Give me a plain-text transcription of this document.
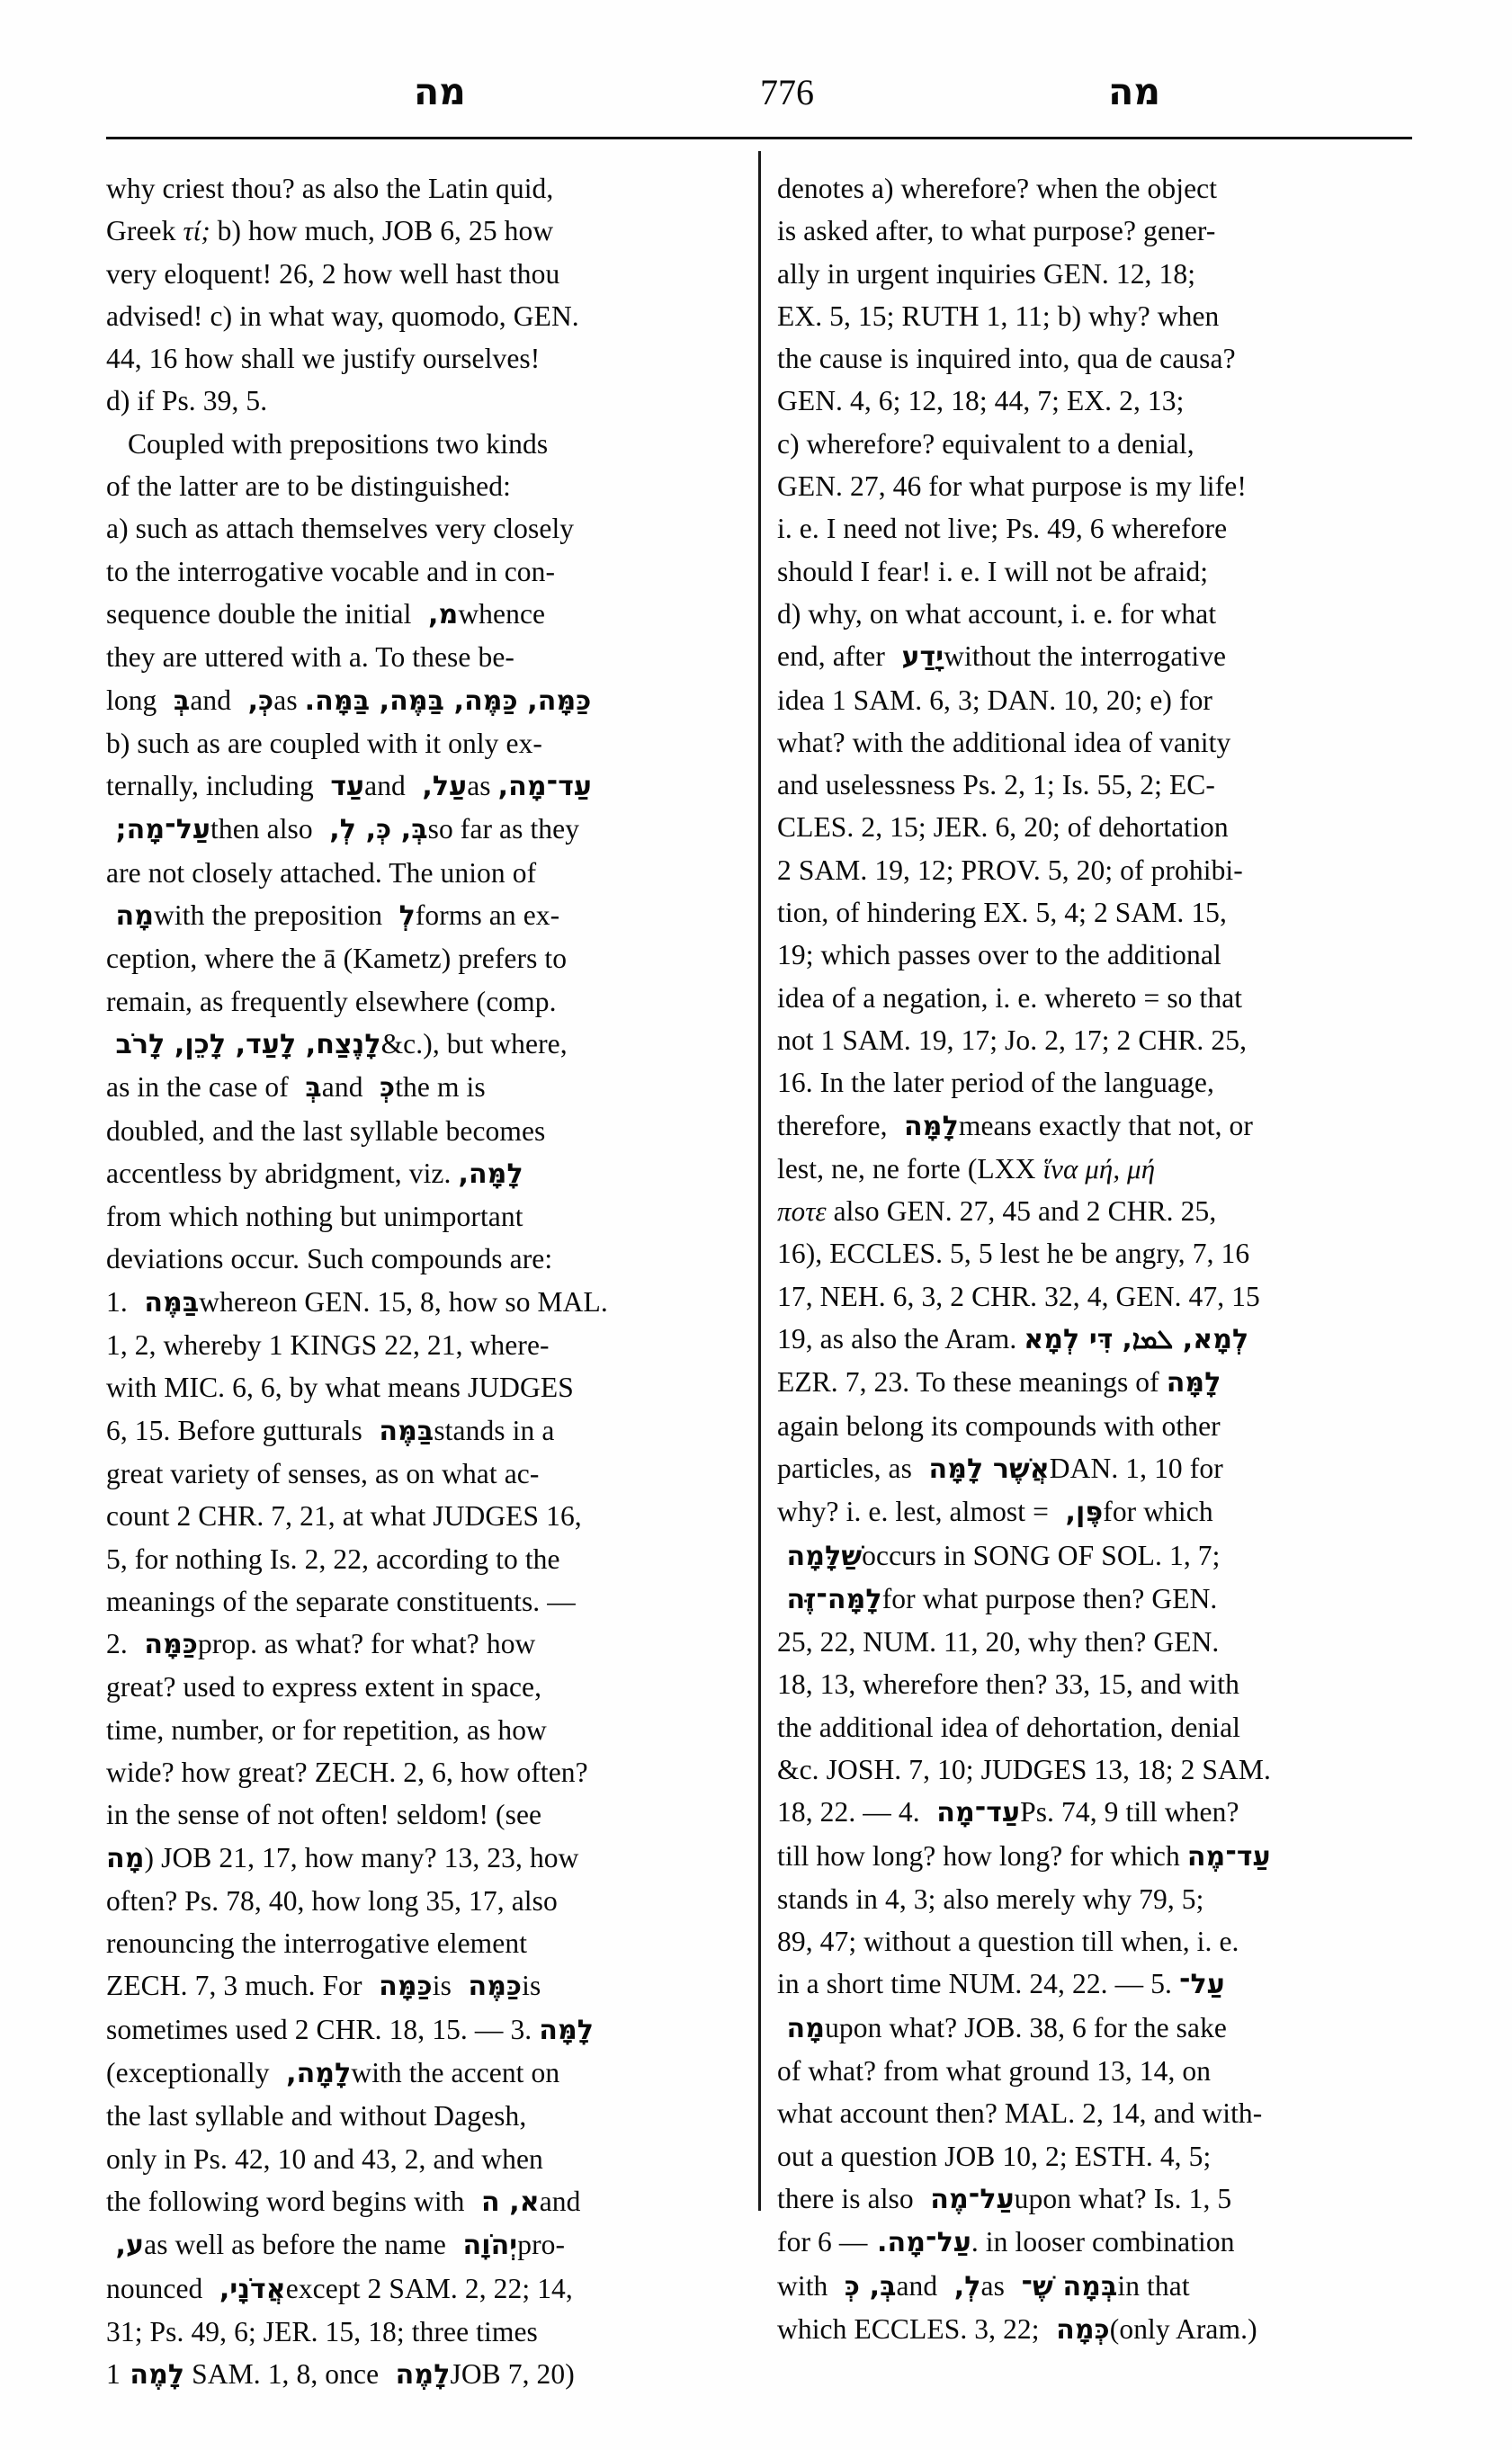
מה	776	מה
why criest thou? as also the Latin quid,
Greek τί; b) how much, JOB 6, 25 how
very eloquent! 26, 2 how well hast thou
advised! c) in what way, quomodo, GEN.
44, 16 how shall we justify ourselves!
d) if Ps. 39, 5.
Coupled with prepositions two kinds
of the latter are to be distinguished:
a) such as attach themselves very closely
to the interrogative vocable and in con-
sequence double the initial מ, whence
they are uttered with a. To these be-
long בְּ and כְּ, as כַּמָּה, כַּמֶּה, בַּמֶּה, בַּמָּה.
b) such as are coupled with it only ex-
ternally, including עַד and עַל, as עַד־מָה,
עַל־מָה; then also בְּ, כְּ, לְ, so far as they
are not closely attached. The union of
מָה with the preposition לְ forms an ex-
ception, where the ā (Kametz) prefers to
remain, as frequently elsewhere (comp.
לָנֶצַח, לָעַד, לָכֵן, לָרֹב &c.), but where,
as in the case of בְּ and כְּ the m is
doubled, and the last syllable becomes
accentless by abridgment, viz. לָמָּה,
from which nothing but unimportant
deviations occur. Such compounds are:
1. בַּמֶּה whereon GEN. 15, 8, how so MAL.
1, 2, whereby 1 KINGS 22, 21, where-
with MIC. 6, 6, by what means JUDGES
6, 15. Before gutturals בַּמֶּה stands in a
great variety of senses, as on what ac-
count 2 CHR. 7, 21, at what JUDGES 16,
5, for nothing Is. 2, 22, according to the
meanings of the separate constituents. —
2. כַּמָּה prop. as what? for what? how
great? used to express extent in space,
time, number, or for repetition, as how
wide? how great? ZECH. 2, 6, how often?
in the sense of not often! seldom! (see
מָה) JOB 21, 17, how many? 13, 23, how
often? Ps. 78, 40, how long 35, 17, also
renouncing the interrogative element
ZECH. 7, 3 much. For כַּמָּה is כַּמֶּה is
sometimes used 2 CHR. 18, 15. — 3. לָמָּה
(exceptionally לָמָה, with the accent on
the last syllable and without Dagesh,
only in Ps. 42, 10 and 43, 2, and when
the following word begins with א, ה and
ע, as well as before the name יְהֹוָה pro-
nounced אֲדֹנָי, except 2 SAM. 2, 22; 14,
31; Ps. 49, 6; JER. 15, 18; three times
לָמֶה 1 SAM. 1, 8, once לָמֶה JOB 7, 20)
denotes a) wherefore? when the object
is asked after, to what purpose? gener-
ally in urgent inquiries GEN. 12, 18;
EX. 5, 15; RUTH 1, 11; b) why? when
the cause is inquired into, qua de causa?
GEN. 4, 6; 12, 18; 44, 7; EX. 2, 13;
c) wherefore? equivalent to a denial,
GEN. 27, 46 for what purpose is my life!
i. e. I need not live; Ps. 49, 6 wherefore
should I fear! i. e. I will not be afraid;
d) why, on what account, i. e. for what
end, after יָדַע without the interrogative
idea 1 SAM. 6, 3; DAN. 10, 20; e) for
what? with the additional idea of vanity
and uselessness Ps. 2, 1; Is. 55, 2; EC-
CLES. 2, 15; JER. 6, 20; of dehortation
2 SAM. 19, 12; PROV. 5, 20; of prohibi-
tion, of hindering EX. 5, 4; 2 SAM. 15,
19; which passes over to the additional
idea of a negation, i. e. whereto = so that
not 1 SAM. 19, 17; Jo. 2, 17; 2 CHR. 25,
16. In the later period of the language,
therefore, לָמָּה means exactly that not, or
lest, ne, ne forte (LXX ἵνα μή, μή
ποτε also GEN. 27, 45 and 2 CHR. 25,
16), ECCLES. 5, 5 lest he be angry, 7, 16
17, NEH. 6, 3, 2 CHR. 32, 4, GEN. 47, 15
19, as also the Aram.	לְמָא, ܠܡܐ, דִּי לְמָא
EZR. 7, 23. To these meanings of לָמָּה
again belong its compounds with other
particles, as אֲשֶׁר לָמָּה DAN. 1, 10 for
why? i. e. lest, almost = פֶּן, for which
שַׁלָּמָה occurs in SONG OF SOL. 1, 7;
לָמָּה־זֶּה for what purpose then? GEN.
25, 22, NUM. 11, 20, why then? GEN.
18, 13, wherefore then? 33, 15, and with
the additional idea of dehortation, denial
&c. JOSH. 7, 10; JUDGES 13, 18; 2 SAM.
18, 22. — 4. עַד־מָה Ps. 74, 9 till when?
till how long? how long? for which עַד־מֶה
stands in 4, 3; also merely why 79, 5;
89, 47; without a question till when, i. e.
in a short time NUM. 24, 22. — 5. עַל־
מָה upon what? JOB. 38, 6 for the sake
of what? from what ground 13, 14, on
what account then? MAL. 2, 14, and with-
out a question JOB 10, 2; ESTH. 4, 5;
there is also עַל־מֶה upon what? Is. 1, 5
for עַל־מָה. — 6. in looser combination
with בְּ, כְּ and לְ, as בְּמָה שֶׁ־ in that
which ECCLES. 3, 22; כְּמָה (only Aram.)
